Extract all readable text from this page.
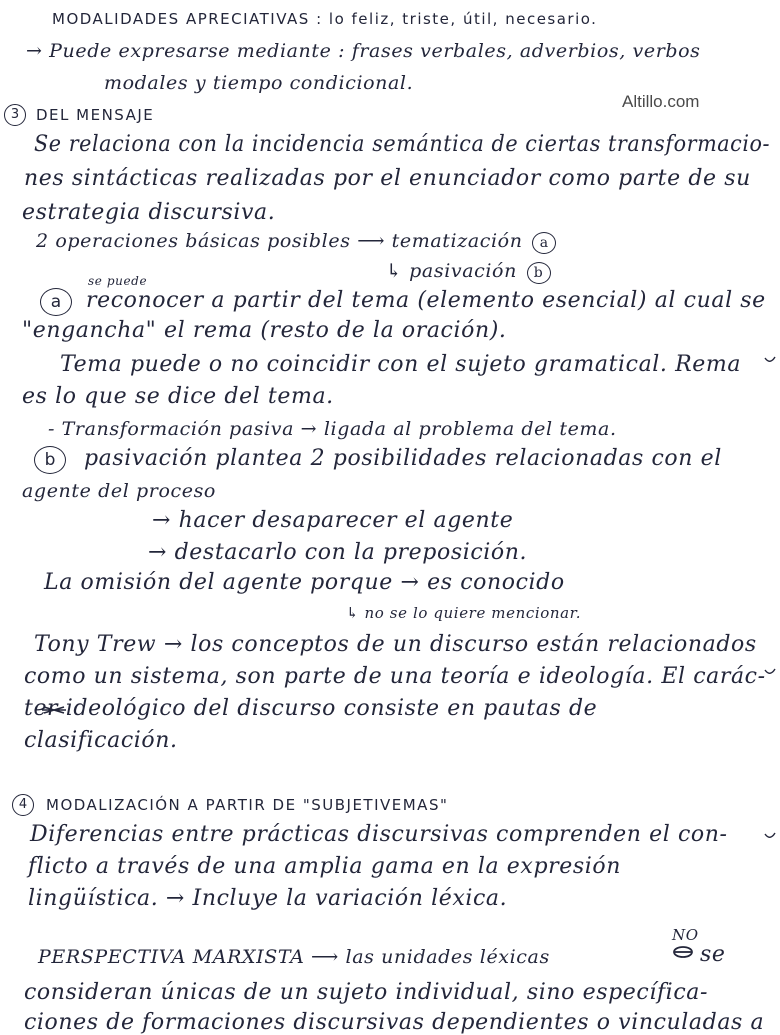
Altillo.com
MODALIDADES APRECIATIVAS : lo feliz, triste, útil, necesario.
→ Puede expresarse mediante : frases verbales, adverbios, verbos
modales y tiempo condicional.
3	DEL MENSAJE
Se relaciona con la incidencia semántica de ciertas transformacio-
nes sintácticas realizadas por el enunciador como parte de su
estrategia discursiva.
2 operaciones básicas posibles ⟶ tematización a
↳ pasivación b
se puede
a	reconocer a partir del tema (elemento esencial) al cual se
"engancha" el rema (resto de la oración).
Tema puede o no coincidir con el sujeto gramatical. Rema
es lo que se dice del tema.
- Transformación pasiva → ligada al problema del tema.
b	pasivación plantea 2 posibilidades relacionadas con el
agente del proceso
→ hacer desaparecer el agente
→ destacarlo con la preposición.
La omisión del agente porque → es conocido
↳ no se lo quiere mencionar.
Tony Trew → los conceptos de un discurso están relacionados
como un sistema, son parte de una teoría e ideología. El carác-
ter ideológico del discurso consiste en pautas de
clasificación.
4	MODALIZACIÓN A PARTIR DE "SUBJETIVEMAS"
Diferencias entre prácticas discursivas comprenden el con-
flicto a través de una amplia gama en la expresión
lingüística. → Incluye la variación léxica.
NO
PERSPECTIVA MARXISTA ⟶ las unidades léxicas	se
consideran únicas de un sujeto individual, sino específica-
ciones de formaciones discursivas dependientes o vinculadas a
